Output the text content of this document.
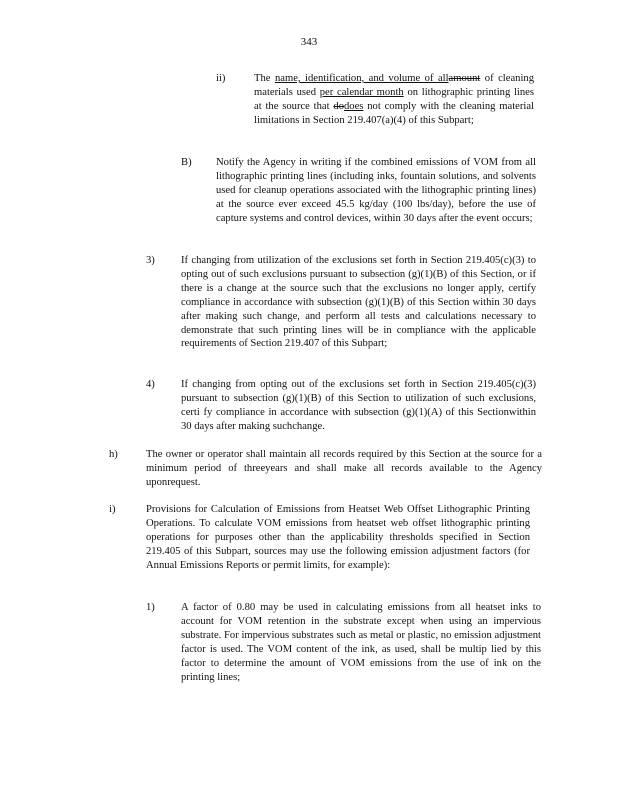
343
ii)	The name, identification, and volume of allamount of cleaning materials used per calendar month on lithographic printing lines at the source that dodoes not comply with the cleaning material limitations in Section 219.407(a)(4) of this Subpart;

B) Notify the Agency in writing if the combined emissions of VOM from all lithographic printing lines (including inks, fountain solutions, and solvents used for cleanup operations associated with the lithographic printing lines) at the source ever exceed 45.5 kg/day (100 lbs/day), before the use of capture systems and control devices, within 30 days after the event occurs;

3) If changing from utilization of the exclusions set forth in Section 219.405(c)(3) to opting out of such exclusions pursuant to subsection (g)(1)(B) of this Section, or if there is a change at the source such that the exclusions no longer apply, certify compliance in accordance with subsection (g)(1)(B) of this Section within 30 days after making such change, and perform all tests and calculations necessary to demonstrate that such printing lines will be in compliance with the applicable requirements of Section 219.407 of this Subpart;

4) If changing from opting out of the exclusions set forth in Section 219.405(c)(3) pursuant to subsection (g)(1)(B) of this Section to utilization of such exclusions, certi fy compliance in accordance with subsection (g)(1)(A) of this Sectionwithin 30 days after making suchchange.

h)	The owner or operator shall maintain all records required by this Section at the source for a minimum period of threeyears and shall make all records available to the Agency uponrequest.

i)	Provisions for Calculation of Emissions from Heatset Web Offset Lithographic Printing Operations. To calculate VOM emissions from heatset web offset lithographic printing operations for purposes other than the applicability thresholds specified in Section 219.405 of this Subpart, sources may use the following emission adjustment factors (for Annual Emissions Reports or permit limits, for example):

1) A factor of 0.80 may be used in calculating emissions from all heatset inks to account for VOM retention in the substrate except when using an impervious substrate. For impervious substrates such as metal or plastic, no emission adjustment factor is used. The VOM content of the ink, as used, shall be multip lied by this factor to determine the amount of VOM emissions from the use of ink on the printing lines;
